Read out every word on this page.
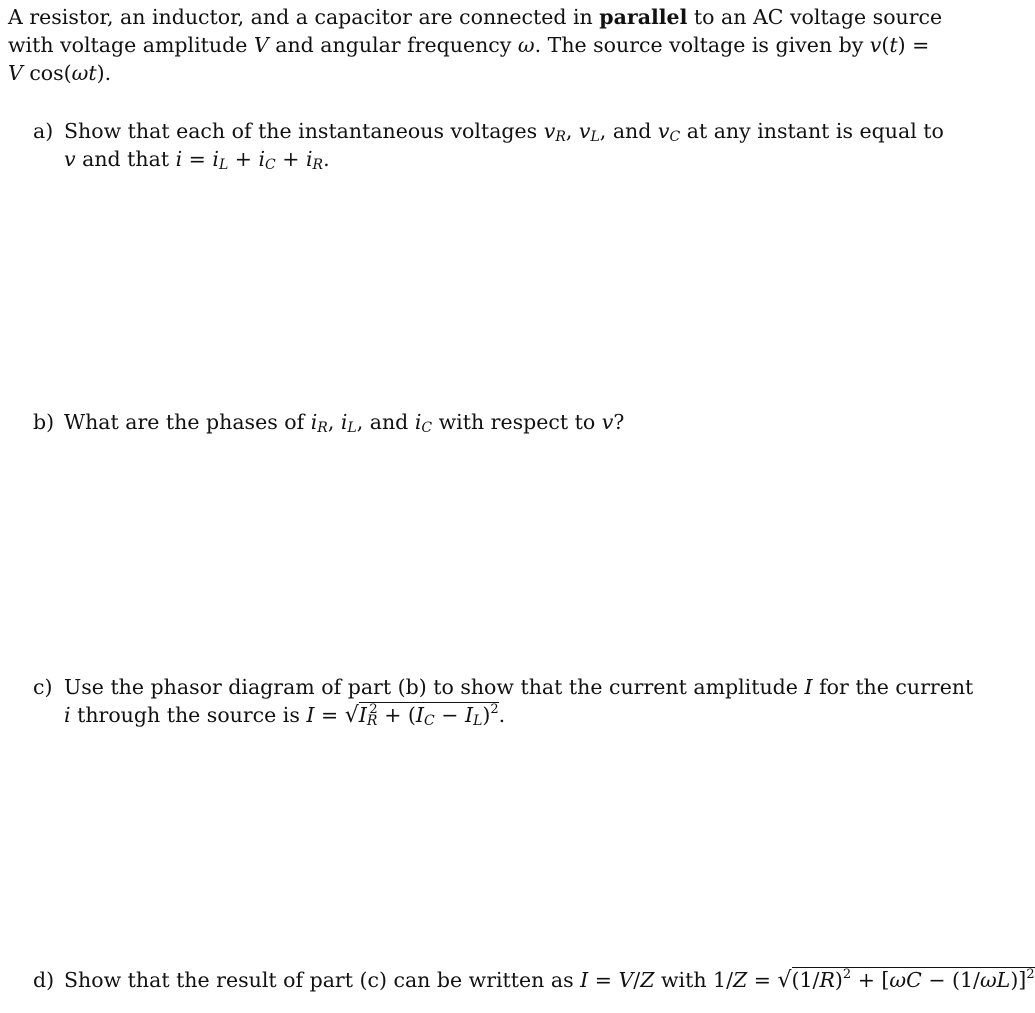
A resistor, an inductor, and a capacitor are connected in parallel to an AC voltage source
with voltage amplitude V and angular frequency ω. The source voltage is given by v(t) =
V cos(ωt).
a) Show that each of the instantaneous voltages $v_R$, $v_L$, and $v_C$ at any instant is equal to
v and that $i = i_L + i_C + i_R$.
b) What are the phases of $i_R$, $i_L$, and $i_C$ with respect to v?
c) Use the phasor diagram of part (b) to show that the current amplitude I for the current
i through the source is $I = √I_R^2 + (I_C - I_L)^2$.
d) Show that the result of part (c) can be written as I = V/Z with $1/Z = √(1/R)^2 + [\omega C - (1/\omega L)]^2$
